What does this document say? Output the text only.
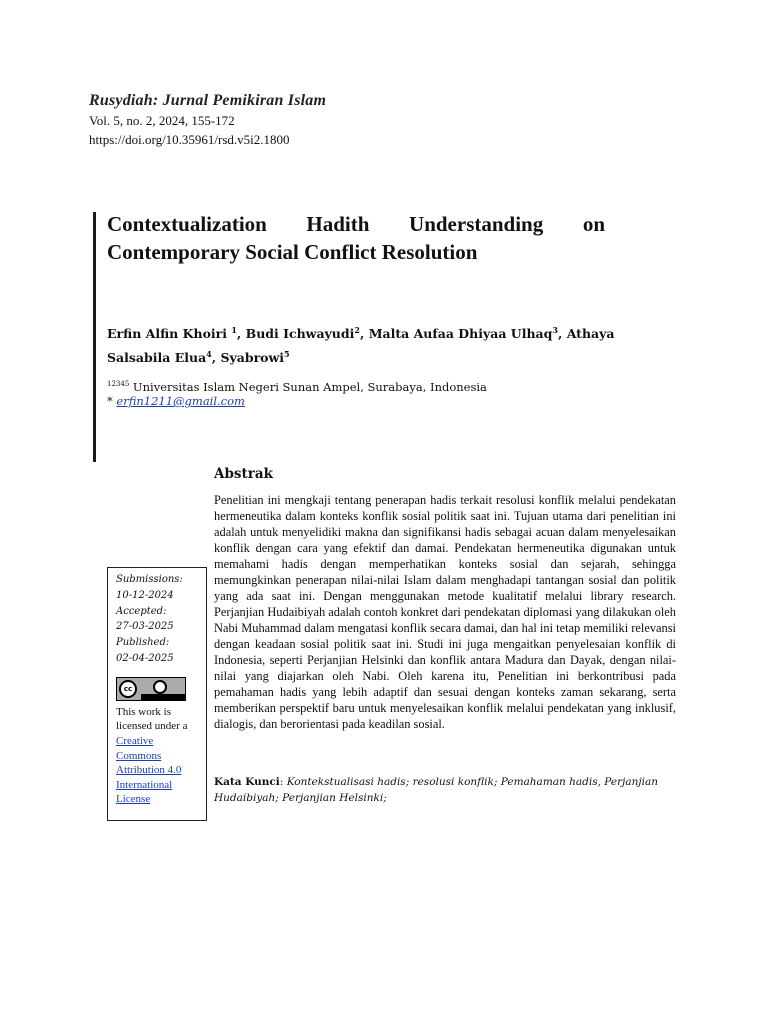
Rusydiah: Jurnal Pemikiran Islam
Vol. 5, no. 2, 2024, 155-172
https://doi.org/10.35961/rsd.v5i2.1800
Contextualization Hadith Understanding on
Contemporary Social Conflict Resolution
Erfin Alfin Khoiri $^1$, Budi Ichwayudi$^2$, Malta Aufaa Dhiyaa Ulhaq$^3$, Athaya Salsabila Elua$^4$, Syabrowi$^5$
$^{12345}$ Universitas Islam Negeri Sunan Ampel, Surabaya, Indonesia
* erfin1211@gmail.com
Abstrak
Penelitian ini mengkaji tentang penerapan hadis terkait resolusi konflik melalui pendekatan hermeneutika dalam konteks konflik sosial politik saat ini. Tujuan utama dari penelitian ini adalah untuk menyelidiki makna dan signifikansi hadis sebagai acuan dalam menyelesaikan konflik dengan cara yang efektif dan damai. Pendekatan hermeneutika digunakan untuk memahami hadis dengan memperhatikan konteks sosial dan sejarah, sehingga memungkinkan penerapan nilai-nilai Islam dalam menghadapi tantangan sosial dan politik yang ada saat ini. Dengan menggunakan metode kualitatif melalui library research. Perjanjian Hudaibiyah adalah contoh konkret dari pendekatan diplomasi yang dilakukan oleh Nabi Muhammad dalam mengatasi konflik secara damai, dan hal ini tetap memiliki relevansi dengan keadaan sosial politik saat ini. Studi ini juga mengaitkan penyelesaian konflik di Indonesia, seperti Perjanjian Helsinki dan konflik antara Madura dan Dayak, dengan nilai-nilai yang diajarkan oleh Nabi. Oleh karena itu, Penelitian ini berkontribusi pada pemahaman hadis yang lebih adaptif dan sesuai dengan konteks zaman sekarang, serta memberikan perspektif baru untuk menyelesaikan konflik melalui pendekatan yang inklusif, dialogis, dan berorientasi pada keadilan sosial.
Kata Kunci: Kontekstualisasi hadis; resolusi konflik; Pemahaman hadis, Perjanjian Hudaibiyah; Perjanjian Helsinki;
Submissions:
10-12-2024
Accepted:
27-03-2025
Published:
02-04-2025
cc
This work is licensed under a Creative
Commons
Attribution 4.0
International
License
